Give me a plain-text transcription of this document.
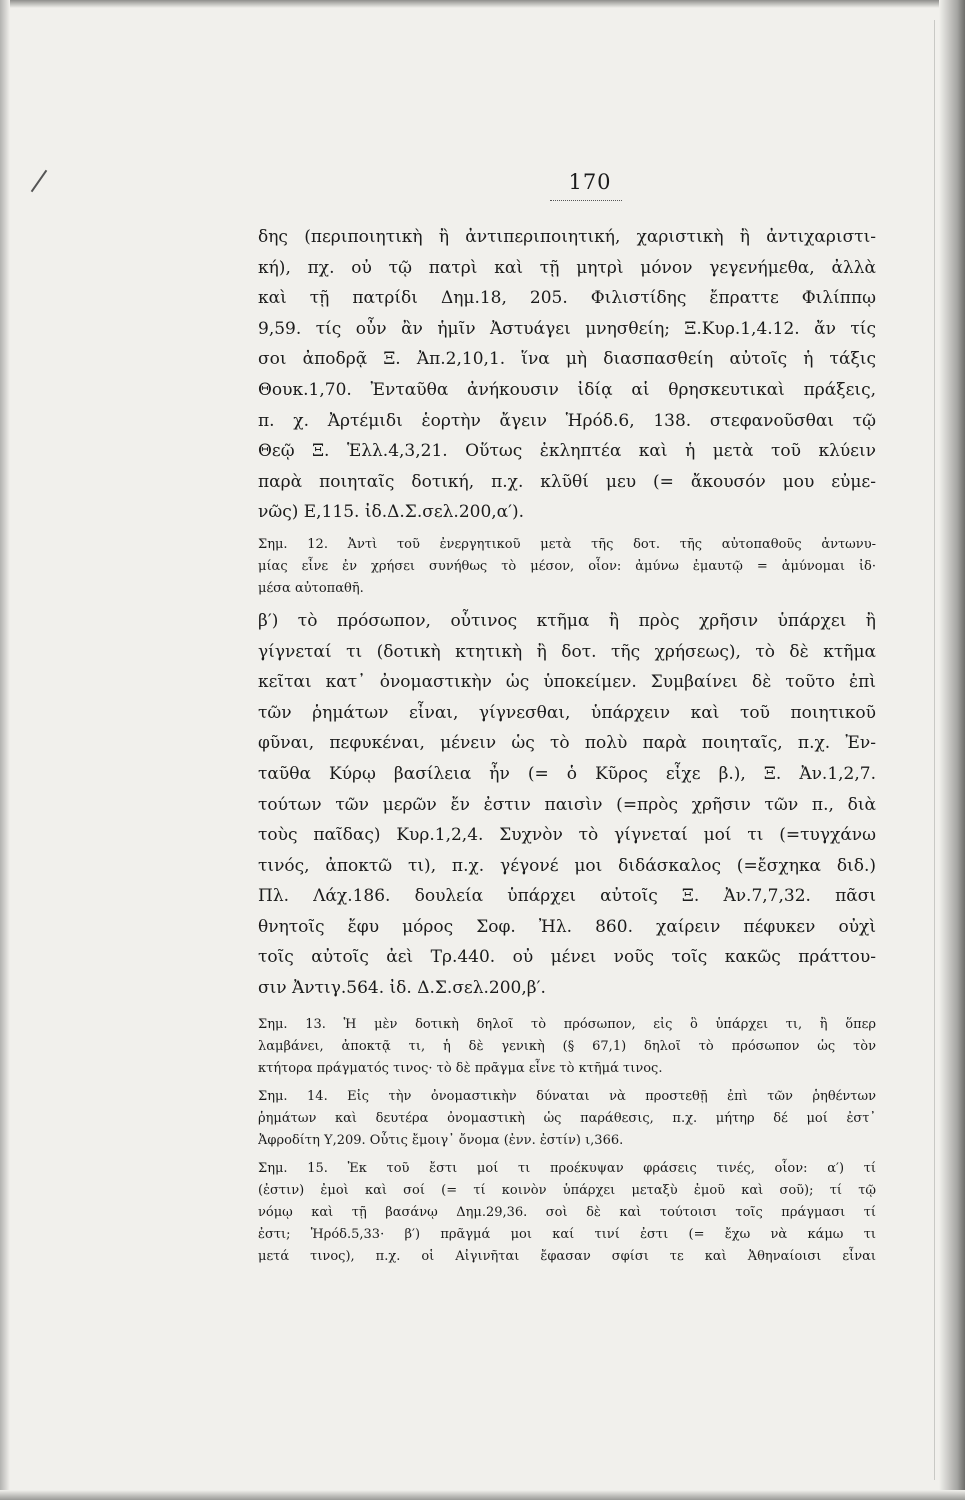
170
δης (περιποιητικὴ ἢ ἀντιπεριποιητική, χαριστικὴ ἢ ἀντιχαριστι-
κή), πχ. οὐ τῷ πατρὶ καὶ τῇ μητρὶ μόνον γεγενήμεθα, ἀλλὰ
καὶ τῇ πατρίδι Δημ.18, 205. Φιλιστίδης ἔπραττε Φιλίππῳ
9,59. τίς οὖν ἂν ἡμῖν Ἀστυάγει μνησθείη; Ξ.Κυρ.1,4.12. ἄν τίς
σοι ἀποδρᾷ Ξ. Ἀπ.2,10,1. ἵνα μὴ διασπασθείη αὐτοῖς ἡ τάξις
Θουκ.1,70. Ἐνταῦθα ἀνήκουσιν ἰδίᾳ αἱ θρησκευτικαὶ πράξεις,
π. χ. Ἀρτέμιδι ἑορτὴν ἄγειν Ἡρόδ.6, 138. στεφανοῦσθαι τῷ
Θεῷ Ξ. Ἑλλ.4,3,21. Οὕτως ἐκληπτέα καὶ ἡ μετὰ τοῦ κλύειν
παρὰ ποιηταῖς δοτική, π.χ. κλῦθί μευ (= ἄκουσόν μου εὐμε-
νῶς) Ε,115. ἰδ.Δ.Σ.σελ.200,α′).
Σημ. 12. Ἀντὶ τοῦ ἐνεργητικοῦ μετὰ τῆς δοτ. τῆς αὐτοπαθοῦς ἀντωνυ-
μίας εἶνε ἐν χρήσει συνήθως τὸ μέσον, οἷον: ἀμύνω ἐμαυτῷ = ἀμύνομαι ἰδ·
μέσα αὐτοπαθῆ.
β′) τὸ πρόσωπον, οὗτινος κτῆμα ἢ πρὸς χρῆσιν ὑπάρχει ἢ
γίγνεταί τι (δοτικὴ κτητικὴ ἢ δοτ. τῆς χρήσεως), τὸ δὲ κτῆμα
κεῖται κατ᾽ ὀνομαστικὴν ὡς ὑποκείμεν. Συμβαίνει δὲ τοῦτο ἐπὶ
τῶν ῥημάτων εἶναι, γίγνεσθαι, ὑπάρχειν καὶ τοῦ ποιητικοῦ
φῦναι, πεφυκέναι, μένειν ὡς τὸ πολὺ παρὰ ποιηταῖς, π.χ. Ἐν-
ταῦθα Κύρῳ βασίλεια ἦν (= ὁ Κῦρος εἶχε β.), Ξ. Ἀν.1,2,7.
τούτων τῶν μερῶν ἔν ἐστιν παισὶν (=πρὸς χρῆσιν τῶν π., διὰ
τοὺς παῖδας) Κυρ.1,2,4. Συχνὸν τὸ γίγνεταί μοί τι (=τυγχάνω
τινός, ἀποκτῶ τι), π.χ. γέγονέ μοι διδάσκαλος (=ἔσχηκα διδ.)
Πλ. Λάχ.186. δουλεία ὑπάρχει αὐτοῖς Ξ. Ἀν.7,7,32. πᾶσι
θνητοῖς ἔφυ μόρος Σοφ. Ἠλ. 860. χαίρειν πέφυκεν οὐχὶ
τοῖς αὐτοῖς ἀεὶ Τρ.440. οὐ μένει νοῦς τοῖς κακῶς πράττου-
σιν Ἀντιγ.564. ἰδ. Δ.Σ.σελ.200,β′.
Σημ. 13. Ἡ μὲν δοτικὴ δηλοῖ τὸ πρόσωπον, εἰς ὃ ὑπάρχει τι, ἢ ὅπερ
λαμβάνει, ἀποκτᾷ τι, ἡ δὲ γενικὴ (§ 67,1) δηλοῖ τὸ πρόσωπον ὡς τὸν
κτήτορα πράγματός τινος· τὸ δὲ πρᾶγμα εἶνε τὸ κτῆμά τινος.
Σημ. 14. Εἰς τὴν ὀνομαστικὴν δύναται νὰ προστεθῇ ἐπὶ τῶν ῥηθέντων
ῥημάτων καὶ δευτέρα ὀνομαστικὴ ὡς παράθεσις, π.χ. μήτηρ δέ μοί ἐστ᾽
Ἀφροδίτη Υ,209. Οὖτις ἔμοιγ᾽ ὄνομα (ἐνν. ἐστίν) ι,366.
Σημ. 15. Ἐκ τοῦ ἔστι μοί τι προέκυψαν φράσεις τινές, οἷον: α′) τί
(ἐστιν) ἐμοὶ καὶ σοί (= τί κοινὸν ὑπάρχει μεταξὺ ἐμοῦ καὶ σοῦ); τί τῷ
νόμῳ καὶ τῇ βασάνῳ Δημ.29,36. σοὶ δὲ καὶ τούτοισι τοῖς πράγμασι τί
ἐστι; Ἡρόδ.5,33· β′) πρᾶγμά μοι καί τινί ἐστι (= ἔχω νὰ κάμω τι
μετά τινος), π.χ. οἱ Αἰγινῆται ἔφασαν σφίσι τε καὶ Ἀθηναίοισι εἶναι
